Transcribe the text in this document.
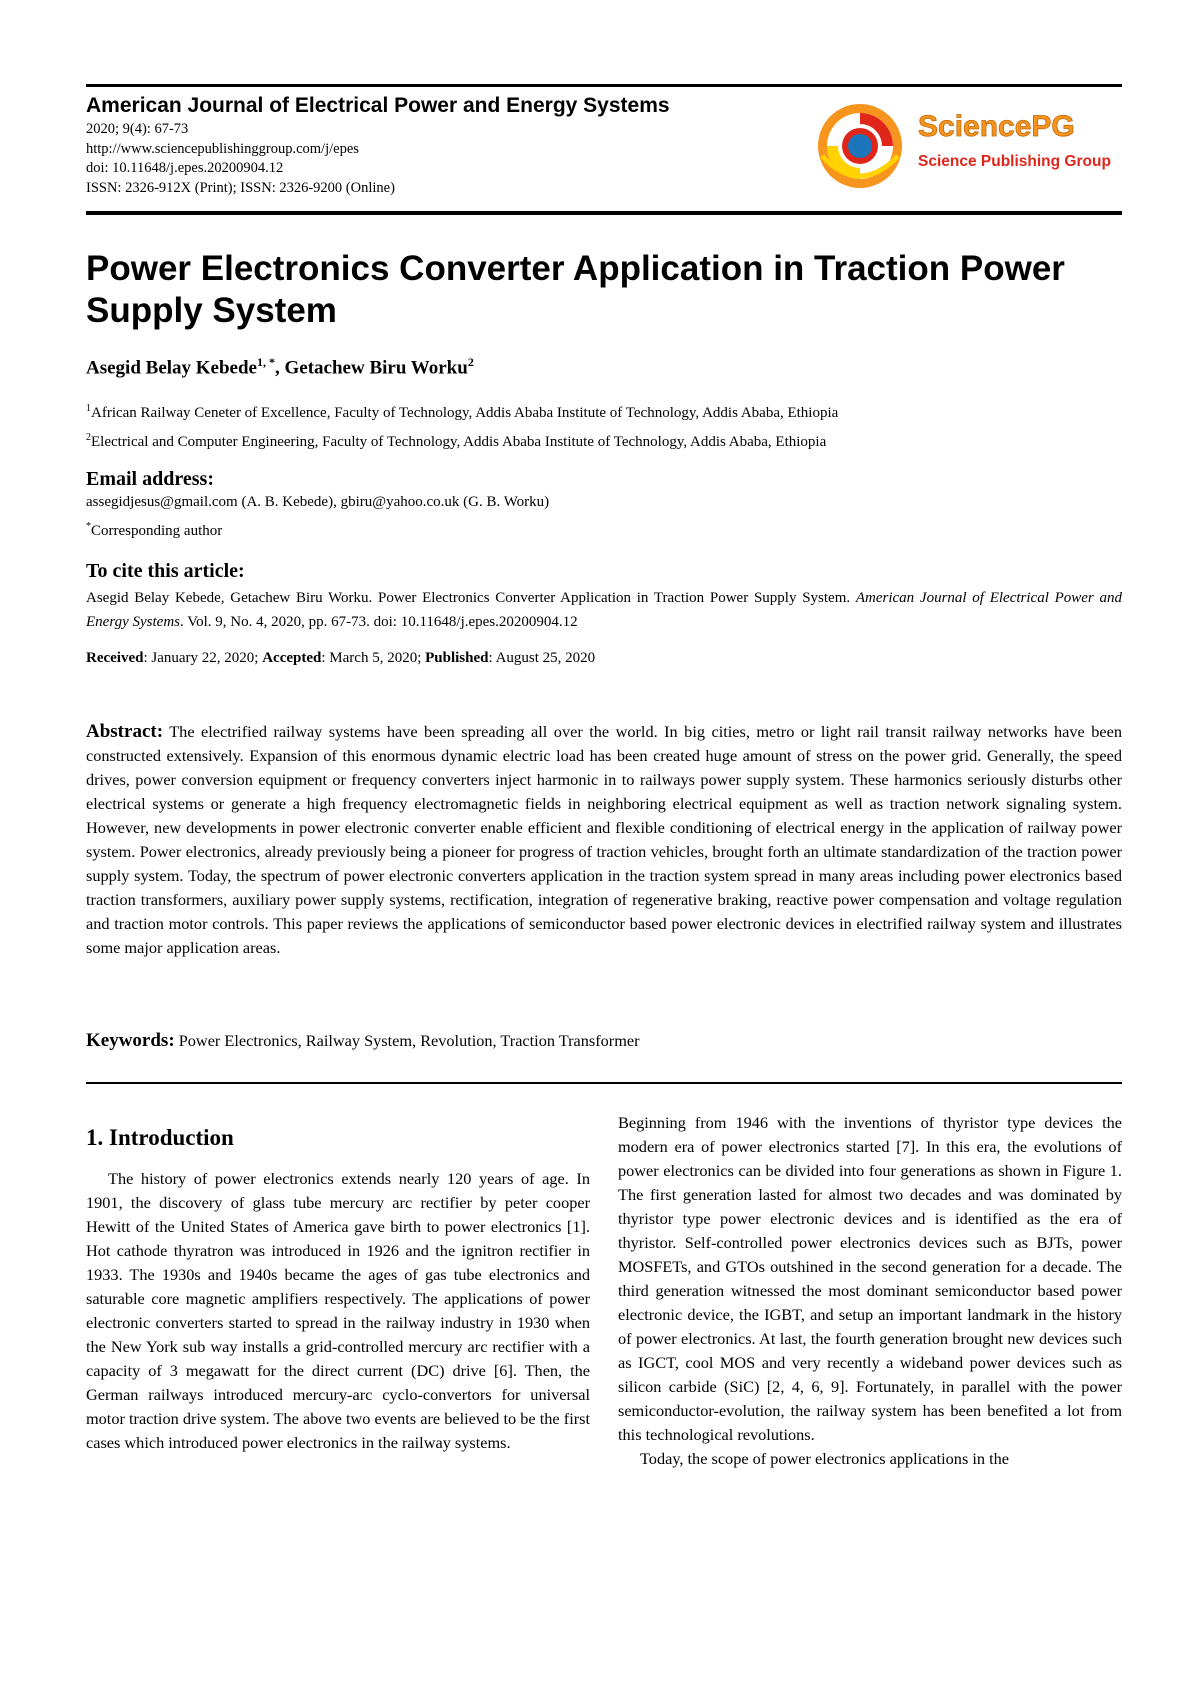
American Journal of Electrical Power and Energy Systems
2020; 9(4): 67-73
http://www.sciencepublishinggroup.com/j/epes
doi: 10.11648/j.epes.20200904.12
ISSN: 2326-912X (Print); ISSN: 2326-9200 (Online)
SciencePG
Science Publishing Group
Power Electronics Converter Application in Traction Power Supply System
Asegid Belay Kebede$^{1, *}$, Getachew Biru Worku$^2$
$^1$African Railway Ceneter of Excellence, Faculty of Technology, Addis Ababa Institute of Technology, Addis Ababa, Ethiopia
$^2$Electrical and Computer Engineering, Faculty of Technology, Addis Ababa Institute of Technology, Addis Ababa, Ethiopia
Email address:
assegidjesus@gmail.com (A. B. Kebede), gbiru@yahoo.co.uk (G. B. Worku)
*Corresponding author
To cite this article:
Asegid Belay Kebede, Getachew Biru Worku. Power Electronics Converter Application in Traction Power Supply System. American Journal of Electrical Power and Energy Systems. Vol. 9, No. 4, 2020, pp. 67-73. doi: 10.11648/j.epes.20200904.12
Received: January 22, 2020; Accepted: March 5, 2020; Published: August 25, 2020
Abstract: The electrified railway systems have been spreading all over the world. In big cities, metro or light rail transit railway networks have been constructed extensively. Expansion of this enormous dynamic electric load has been created huge amount of stress on the power grid. Generally, the speed drives, power conversion equipment or frequency converters inject harmonic in to railways power supply system. These harmonics seriously disturbs other electrical systems or generate a high frequency electromagnetic fields in neighboring electrical equipment as well as traction network signaling system. However, new developments in power electronic converter enable efficient and flexible conditioning of electrical energy in the application of railway power system. Power electronics, already previously being a pioneer for progress of traction vehicles, brought forth an ultimate standardization of the traction power supply system. Today, the spectrum of power electronic converters application in the traction system spread in many areas including power electronics based traction transformers, auxiliary power supply systems, rectification, integration of regenerative braking, reactive power compensation and voltage regulation and traction motor controls. This paper reviews the applications of semiconductor based power electronic devices in electrified railway system and illustrates some major application areas.
Keywords: Power Electronics, Railway System, Revolution, Traction Transformer
1. Introduction

The history of power electronics extends nearly 120 years of age. In 1901, the discovery of glass tube mercury arc rectifier by peter cooper Hewitt of the United States of America gave birth to power electronics [1]. Hot cathode thyratron was introduced in 1926 and the ignitron rectifier in 1933. The 1930s and 1940s became the ages of gas tube electronics and saturable core magnetic amplifiers respectively. The applications of power electronic converters started to spread in the railway industry in 1930 when the New York sub way installs a grid-controlled mercury arc rectifier with a capacity of 3 megawatt for the direct current (DC) drive [6]. Then, the German railways introduced mercury-arc cyclo-convertors for universal motor traction drive system. The above two events are believed to be the first cases which introduced power electronics in the railway systems.

Beginning from 1946 with the inventions of thyristor type devices the modern era of power electronics started [7]. In this era, the evolutions of power electronics can be divided into four generations as shown in Figure 1. The first generation lasted for almost two decades and was dominated by thyristor type power electronic devices and is identified as the era of thyristor. Self-controlled power electronics devices such as BJTs, power MOSFETs, and GTOs outshined in the second generation for a decade. The third generation witnessed the most dominant semiconductor based power electronic device, the IGBT, and setup an important landmark in the history of power electronics. At last, the fourth generation brought new devices such as IGCT, cool MOS and very recently a wideband power devices such as silicon carbide (SiC) [2, 4, 6, 9]. Fortunately, in parallel with the power semiconductor-evolution, the railway system has been benefited a lot from this technological revolutions.

Today, the scope of power electronics applications in the
